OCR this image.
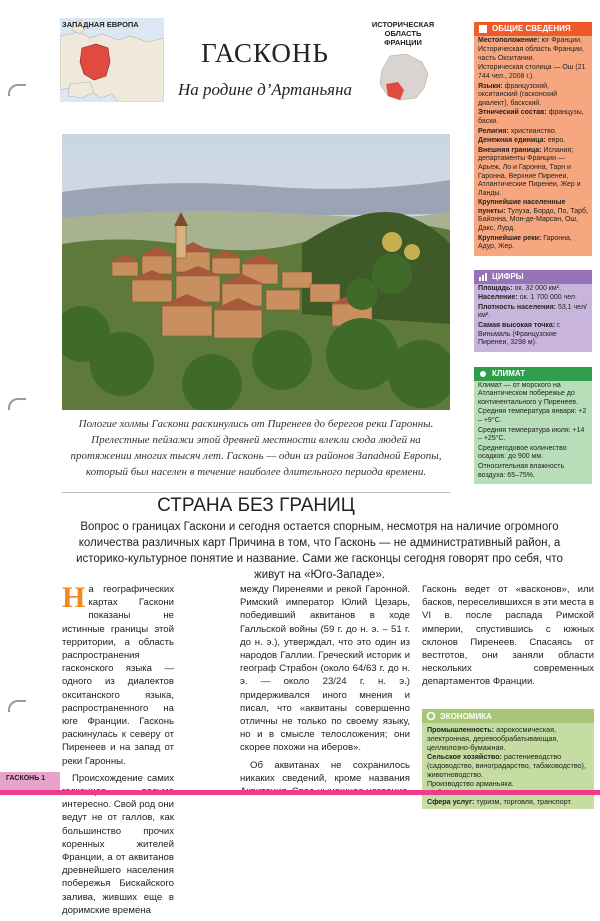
ЗАПАДНАЯ ЕВРОПА	ИСТОРИЧЕСКАЯ ОБЛАСТЬ ФРАНЦИИ
ГАСКОНЬ
На родине д’Артаньяна
Пологие холмы Гаскони раскинулись от Пиренеев до берегов реки Гаронны. Прелестные пейзажи этой древней местности влекли сюда людей на протяжении многих тысяч лет. Гасконь — один из районов Западной Европы, который был населен в течение наиболее длительного периода времени.
СТРАНА БЕЗ ГРАНИЦ
Вопрос о границах Гаскони и сегодня остается спорным, несмотря на наличие огромного количества различных карт Причина в том, что Гасконь — не административный район, а историко-культурное понятие и название. Сами же гасконцы сегодня говорят про себя, что живут на «Юго-Западе».

На географических картах Гаскони показаны не истинные границы этой территории, а область распространения гасконского языка — одного из диалектов окситанского языка, распространенного на юге Франции. Гасконь раскинулась к северу от Пиренеев и на запад от реки Гаронны.

Происхождение самих интересно. Свой род они ведут не от галлов, как большинство прочих коренных жителей Франции, а от аквитанов древнейшего населения побережья Бискайского залива, живших еще в доримские времена

между Пиренеями и рекой Гаронной. Римский император Юлий Цезарь, победивший аквитанов в ходе Галльской войны (59 г. до н. э. – 51 г. до н. э.), утверждал, что это один из народов Галлии. Греческий историк и географ Страбон (около 64/63 г. до н. э. — около 23/24 г. н. э.) придерживался иного мнения и писал, что «аквитаны совершенно отличны не только по своему языку, но и в смысле телосложения; они скорее похожи на иберов».

Об аквитанах не сохранилось никаких сведений, кроме названия

Гасконь ведет от «васконов», или басков, переселившихся в эти места в VI в. после распада Римской империи, спустившись с южных склонов Пиренеев. Спасаясь от вестготов, они заняли области нескольких современных департаментов Франции.

ОБЩИЕ СВЕДЕНИЯ
Местоположение: юг Франции.
Историческая область Франции, часть Окситании.
Историческая столица — Ош (21 744 чел., 2008 г.).
Языки: французский, окситанский (гасконский диалект), баскский.
Этнический состав: французы, баски.
Религия: христианство.
Денежная единица: евро.
Внешняя граница: Испания; департаменты Франции — Арьеж, Ло и Гаронна, Тарн и Гаронна, Верхние Пиренеи, Атлантические Пиренеи, Жер и Ланды.
Крупнейшие населенные пункты: Тулуза, Бордо, По, Тарб, Байонна, Мон-де-Марсан, Ош, Дакс, Лурд.
Крупнейшие реки: Гаронна, Адур, Жер.
ЦИФРЫ
Площадь: ок. 32 000 км².
Население: ок. 1 700 000 чел.
Плотность населения: 53,1 чел/км².
Самая высокая точка: г. Виньмаль (Французские Пиренеи, 3298 м).
КЛИМАТ
Климат — от морского на Атлантическом побережье до континентального у Пиренеев.
Средняя температура января: +2 – +9°C.
Средняя температура июля: +14 – +25°C.
Среднегодовое количество осадков: до 900 мм.
Относительная влажность воздуха: 65–75%.
ЭКОНОМИКА
Промышленность: аэрокосмическая, электронная, деревообрабатывающая, целлюлозно-бумажная.
Сельское хозяйство: растениеводство (садоводство, виноградарство, табаководство), животноводство.
Производство арманьяка.
Сфера услуг: туризм, торговля, транспорт.
ГАСКОНЬ 1
